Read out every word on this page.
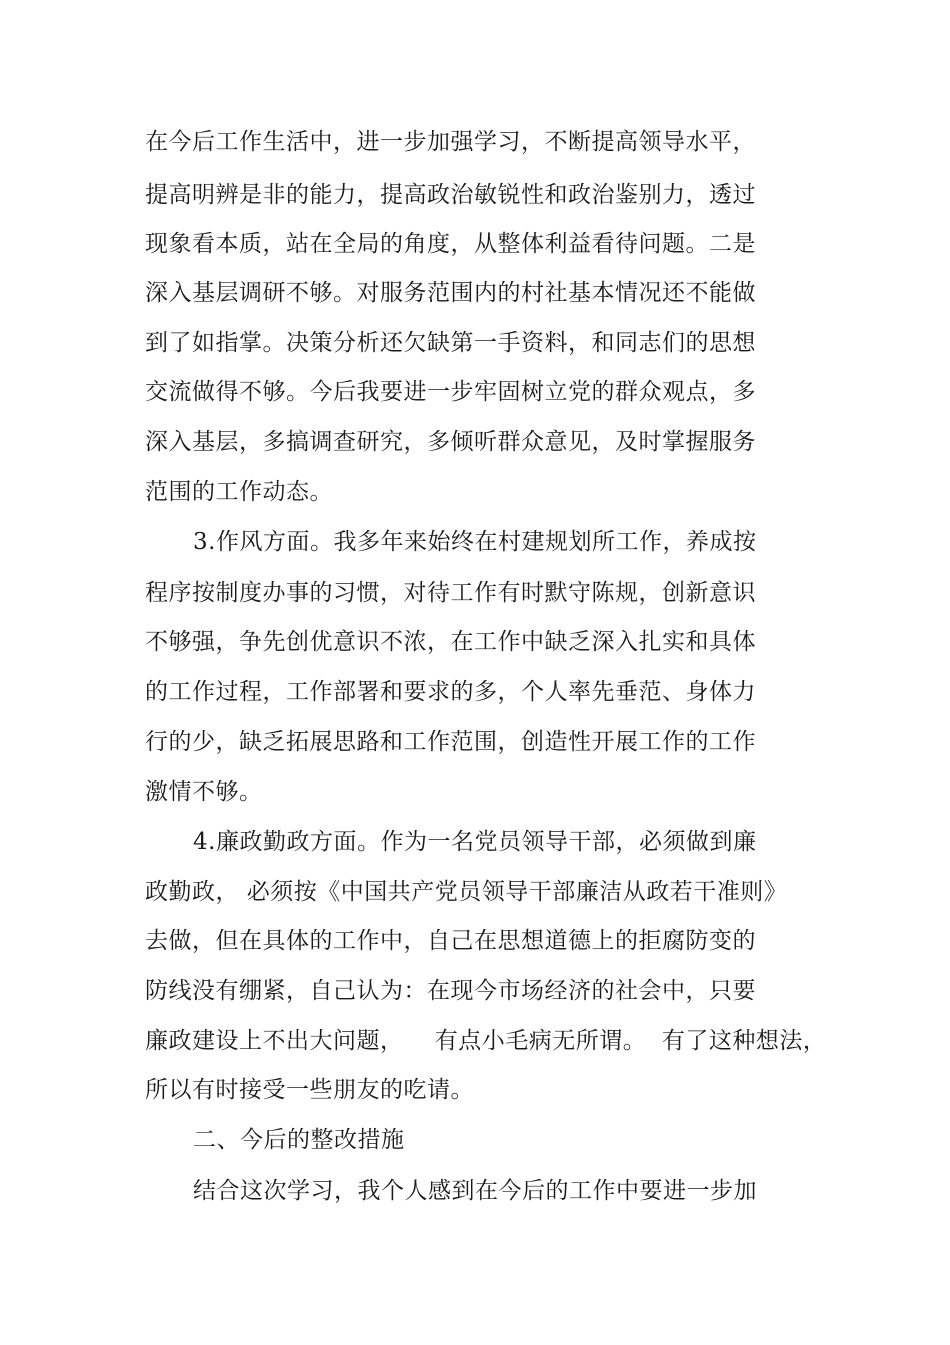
在今后工作生活中，进一步加强学习，不断提高领导水平，
提高明辨是非的能力，提高政治敏锐性和政治鉴别力，透过
现象看本质，站在全局的角度，从整体利益看待问题。二是
深入基层调研不够。对服务范围内的村社基本情况还不能做
到了如指掌。决策分析还欠缺第一手资料，和同志们的思想
交流做得不够。今后我要进一步牢固树立党的群众观点，多
深入基层，多搞调查研究，多倾听群众意见，及时掌握服务
范围的工作动态。
3.作风方面。我多年来始终在村建规划所工作，养成按
程序按制度办事的习惯，对待工作有时默守陈规，创新意识
不够强，争先创优意识不浓，在工作中缺乏深入扎实和具体
的工作过程，工作部署和要求的多，个人率先垂范、身体力
行的少，缺乏拓展思路和工作范围，创造性开展工作的工作
激情不够。
4.廉政勤政方面。作为一名党员领导干部，必须做到廉
政勤政， 必须按《中国共产党员领导干部廉洁从政若干准则》
去做，但在具体的工作中，自己在思想道德上的拒腐防变的
防线没有绷紧，自己认为：在现今市场经济的社会中，只要
廉政建设上不出大问题，    有点小毛病无所谓。  有了这种想法，
所以有时接受一些朋友的吃请。
二、今后的整改措施
结合这次学习，我个人感到在今后的工作中要进一步加
